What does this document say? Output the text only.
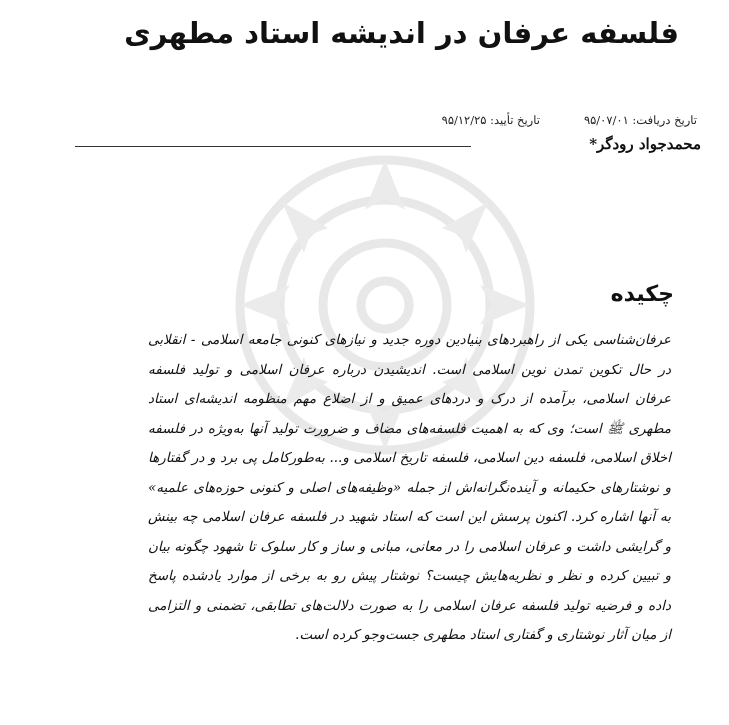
فلسفه عرفان در اندیشه استاد مطهری
تاریخ دریافت: ۹۵/۰۷/۰۱
تاریخ تأیید: ۹۵/۱۲/۲۵
محمدجواد رودگر*
چکیده
عرفان‌شناسی یکی از راهبردهای بنیادین دوره جدید و نیازهای کنونی جامعه اسلامی - انقلابی در حال تکوین تمدن نوین اسلامی است. اندیشیدن درباره عرفان اسلامی و تولید فلسفه عرفان اسلامی، برآمده از درک و دردهای عمیق و از اضلاع مهم منظومه اندیشه‌ای استاد مطهری ﷺ است؛ وی که به اهمیت فلسفه‌های مضاف و ضرورت تولید آنها به‌ویژه در فلسفه اخلاق اسلامی، فلسفه دین اسلامی، فلسفه تاریخ اسلامی و... به‌طورکامل پی برد و در گفتارها و نوشتارهای حکیمانه و آینده‌نگرانه‌اش از جمله «وظیفه‌های اصلی و کنونی حوزه‌های علمیه» به آنها اشاره کرد. اکنون پرسش این است که استاد شهید در فلسفه عرفان اسلامی چه بینش و گرایشی داشت و عرفان اسلامی را در معانی، مبانی و ساز و کار سلوک تا شهود چگونه بیان و تبیین کرده و نظر و نظریه‌هایش چیست؟ نوشتار پیش رو به برخی از موارد یادشده پاسخ داده و فرضیه تولید فلسفه عرفان اسلامی را به صورت دلالت‌های تطابقی، تضمنی و التزامی از میان آثار نوشتاری و گفتاری استاد مطهری جست‌وجو کرده است.
